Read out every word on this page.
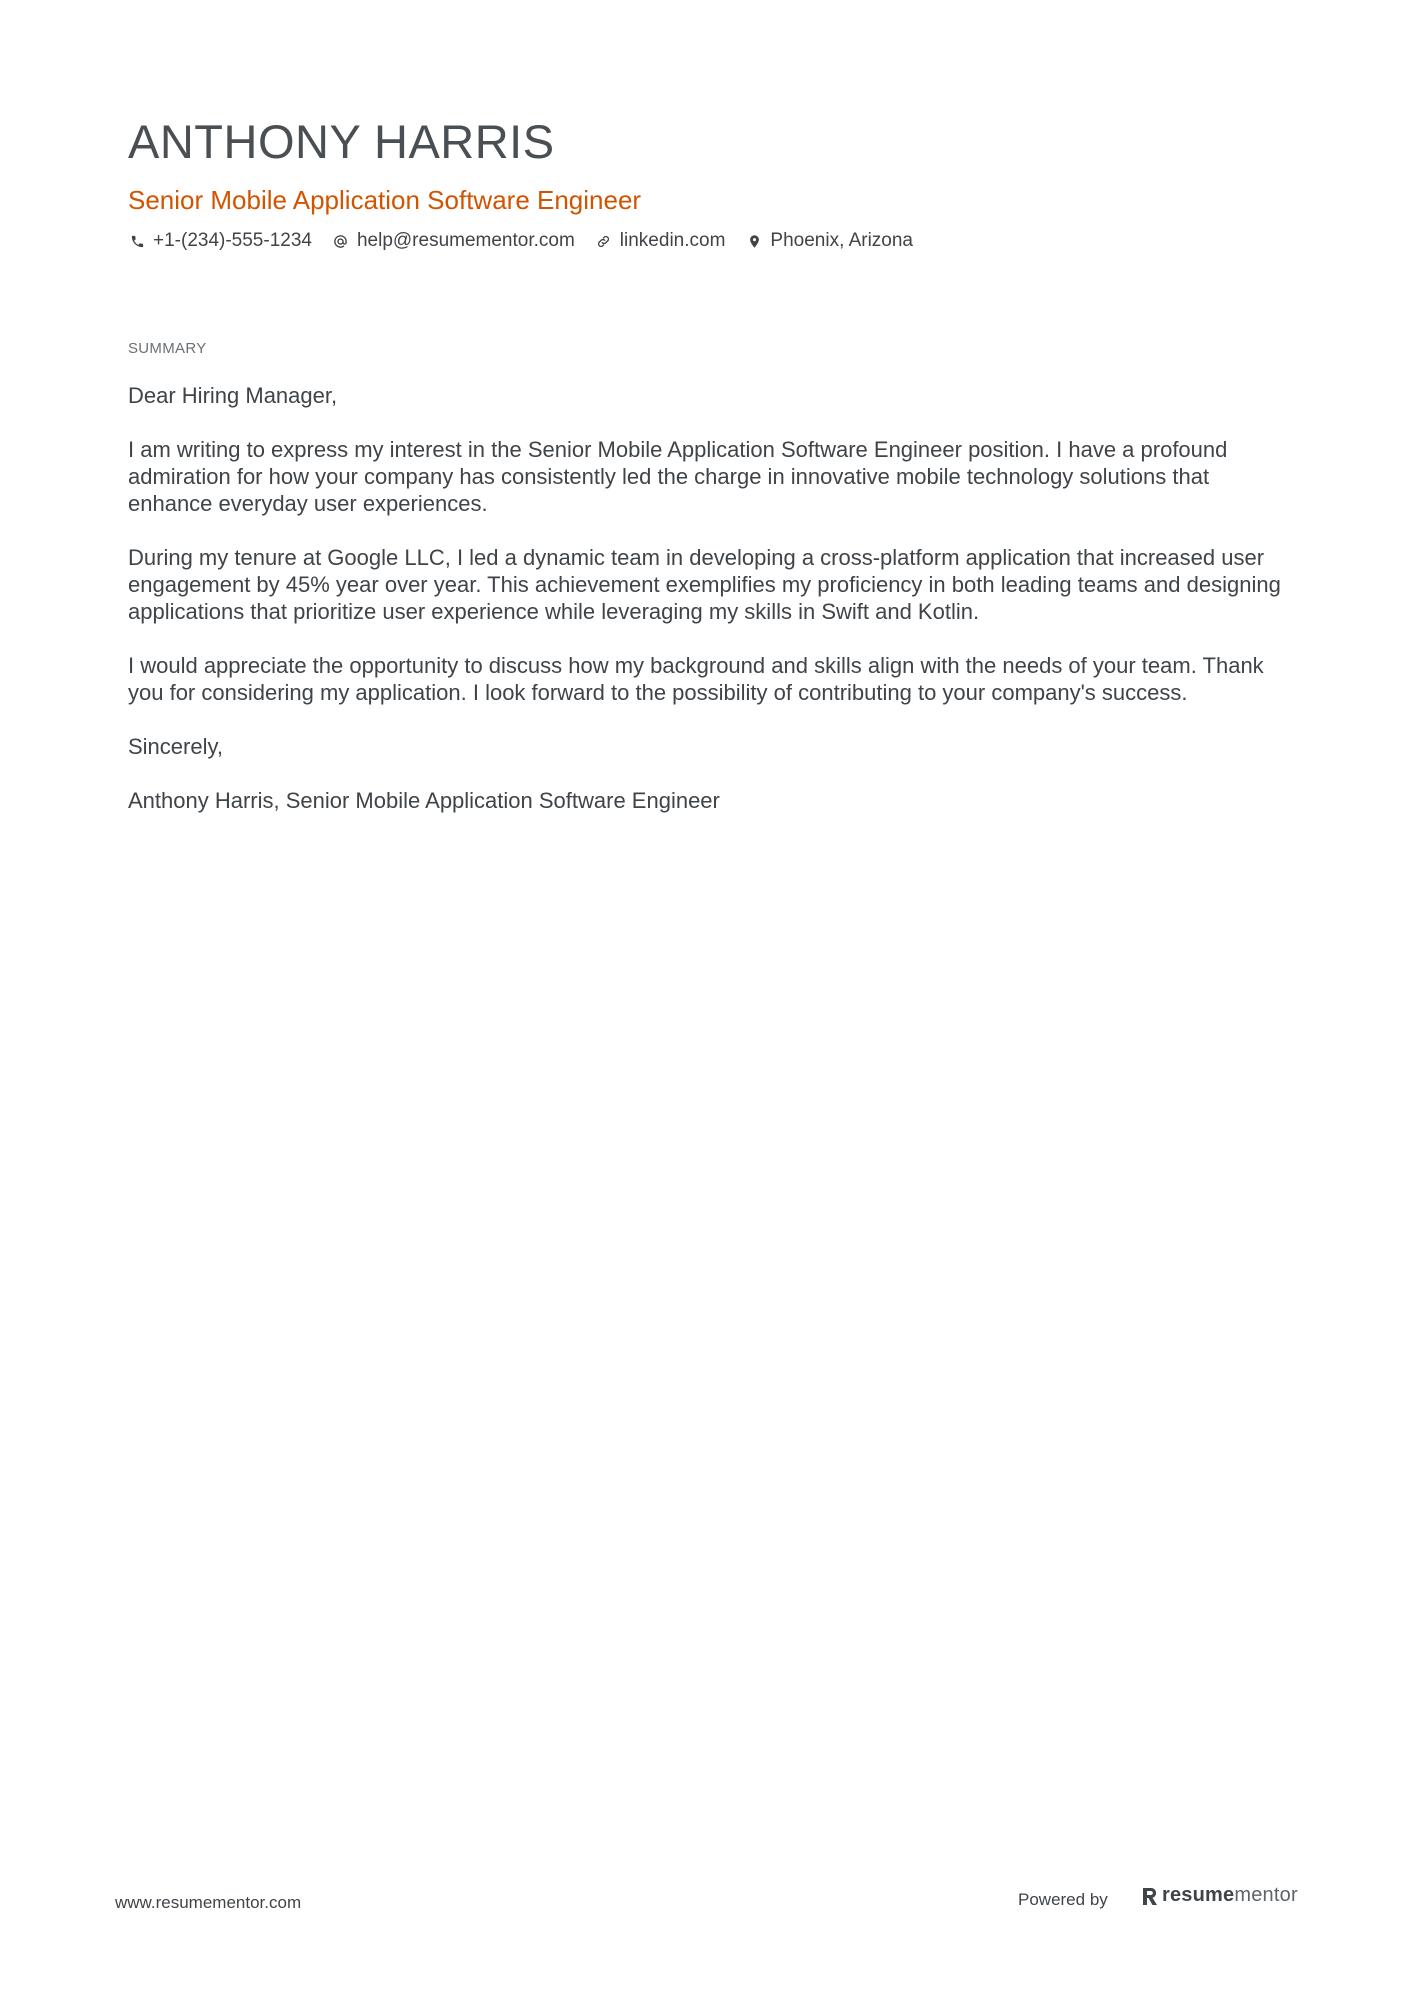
ANTHONY HARRIS
Senior Mobile Application Software Engineer
+1-(234)-555-1234 help@resumementor.com linkedin.com Phoenix, Arizona
SUMMARY

Dear Hiring Manager,

I am writing to express my interest in the Senior Mobile Application Software Engineer position. I have a profound admiration for how your company has consistently led the charge in innovative mobile technology solutions that enhance everyday user experiences.

During my tenure at Google LLC, I led a dynamic team in developing a cross-platform application that increased user engagement by 45% year over year. This achievement exemplifies my proficiency in both leading teams and designing applications that prioritize user experience while leveraging my skills in Swift and Kotlin.

I would appreciate the opportunity to discuss how my background and skills align with the needs of your team. Thank you for considering my application. I look forward to the possibility of contributing to your company's success.

Sincerely,

Anthony Harris, Senior Mobile Application Software Engineer

www.resumementor.com	Powered by	resume mentor
